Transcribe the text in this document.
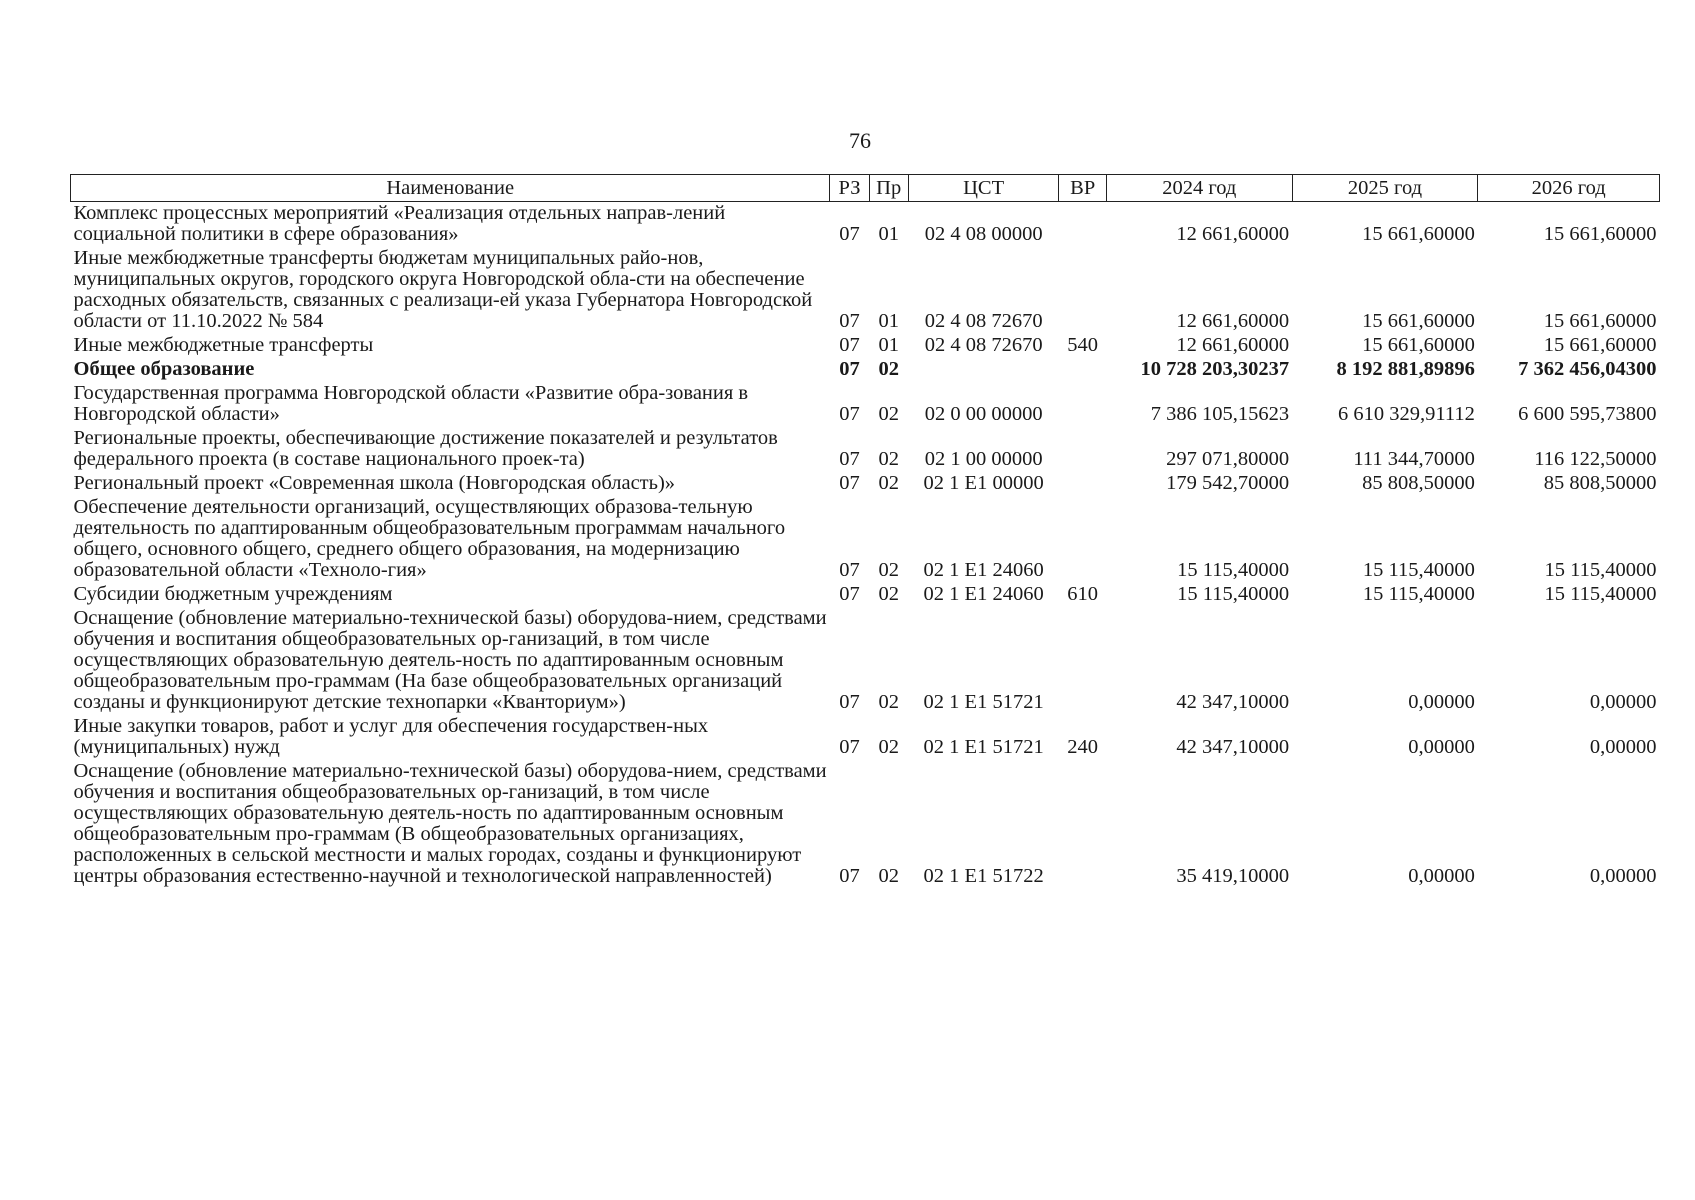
76
Наименование	РЗ	Пр	ЦСТ	ВР	2024 год	2025 год	2026 год
Комплекс процессных мероприятий «Реализация отдельных направ-лений социальной политики в сфере образования»	07	01	02 4 08 00000		12 661,60000	15 661,60000	15 661,60000
Иные межбюджетные трансферты бюджетам муниципальных райо-нов, муниципальных округов, городского округа Новгородской обла-сти на обеспечение расходных обязательств, связанных с реализаци-ей указа Губернатора Новгородской области от 11.10.2022 № 584	07	01	02 4 08 72670		12 661,60000	15 661,60000	15 661,60000
Иные межбюджетные трансферты	07	01	02 4 08 72670	540	12 661,60000	15 661,60000	15 661,60000
Общее образование	07	02			10 728 203,30237	8 192 881,89896	7 362 456,04300
Государственная программа Новгородской области «Развитие обра-зования в Новгородской области»	07	02	02 0 00 00000		7 386 105,15623	6 610 329,91112	6 600 595,73800
Региональные проекты, обеспечивающие достижение показателей и результатов федерального проекта (в составе национального проек-та)	07	02	02 1 00 00000		297 071,80000	111 344,70000	116 122,50000
Региональный проект «Современная школа (Новгородская область)»	07	02	02 1 E1 00000		179 542,70000	85 808,50000	85 808,50000
Обеспечение деятельности организаций, осуществляющих образова-тельную деятельность по адаптированным общеобразовательным программам начального общего, основного общего, среднего общего образования, на модернизацию образовательной области «Техноло-гия»	07	02	02 1 E1 24060		15 115,40000	15 115,40000	15 115,40000
Субсидии бюджетным учреждениям	07	02	02 1 E1 24060	610	15 115,40000	15 115,40000	15 115,40000
Оснащение (обновление материально-технической базы) оборудова-нием, средствами обучения и воспитания общеобразовательных ор-ганизаций, в том числе осуществляющих образовательную деятель-ность по адаптированным основным общеобразовательным про-граммам (На базе общеобразовательных организаций созданы и функционируют детские технопарки «Кванториум»)	07	02	02 1 E1 51721		42 347,10000	0,00000	0,00000
Иные закупки товаров, работ и услуг для обеспечения государствен-ных (муниципальных) нужд	07	02	02 1 E1 51721	240	42 347,10000	0,00000	0,00000
Оснащение (обновление материально-технической базы) оборудова-нием, средствами обучения и воспитания общеобразовательных ор-ганизаций, в том числе осуществляющих образовательную деятель-ность по адаптированным основным общеобразовательным про-граммам (В общеобразовательных организациях, расположенных в сельской местности и малых городах, созданы и функционируют центры образования естественно-научной и технологической направленностей)	07	02	02 1 E1 51722		35 419,10000	0,00000	0,00000
